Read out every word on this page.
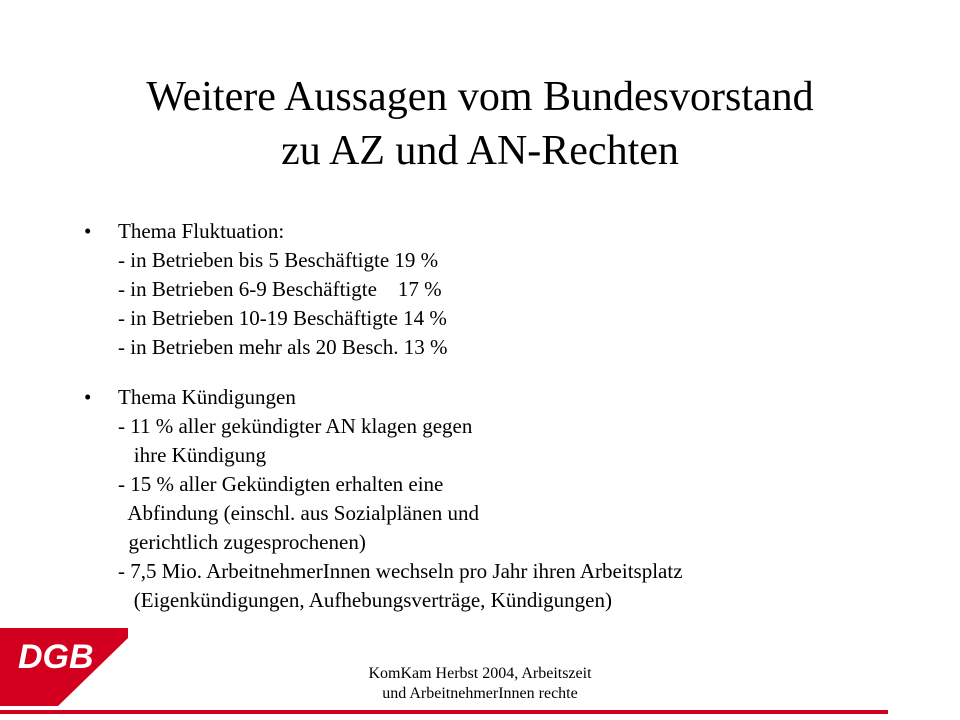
Weitere Aussagen vom Bundesvorstand
zu AZ und AN-Rechten
•	Thema Fluktuation:
- in Betrieben bis 5 Beschäftigte 19 %
- in Betrieben 6-9 Beschäftigte    17 %
- in Betrieben 10-19 Beschäftigte 14 %
- in Betrieben mehr als 20 Besch. 13 %
•	Thema Kündigungen
- 11 % aller gekündigter AN klagen gegen
ihre Kündigung
- 15 % aller Gekündigten erhalten eine
Abfindung (einschl. aus Sozialplänen und
gerichtlich zugesprochenen)
- 7,5 Mio. ArbeitnehmerInnen wechseln pro Jahr ihren Arbeitsplatz
(Eigenkündigungen, Aufhebungsverträge, Kündigungen)
DGB	KomKam Herbst 2004, Arbeitszeit
und ArbeitnehmerInnen rechte
